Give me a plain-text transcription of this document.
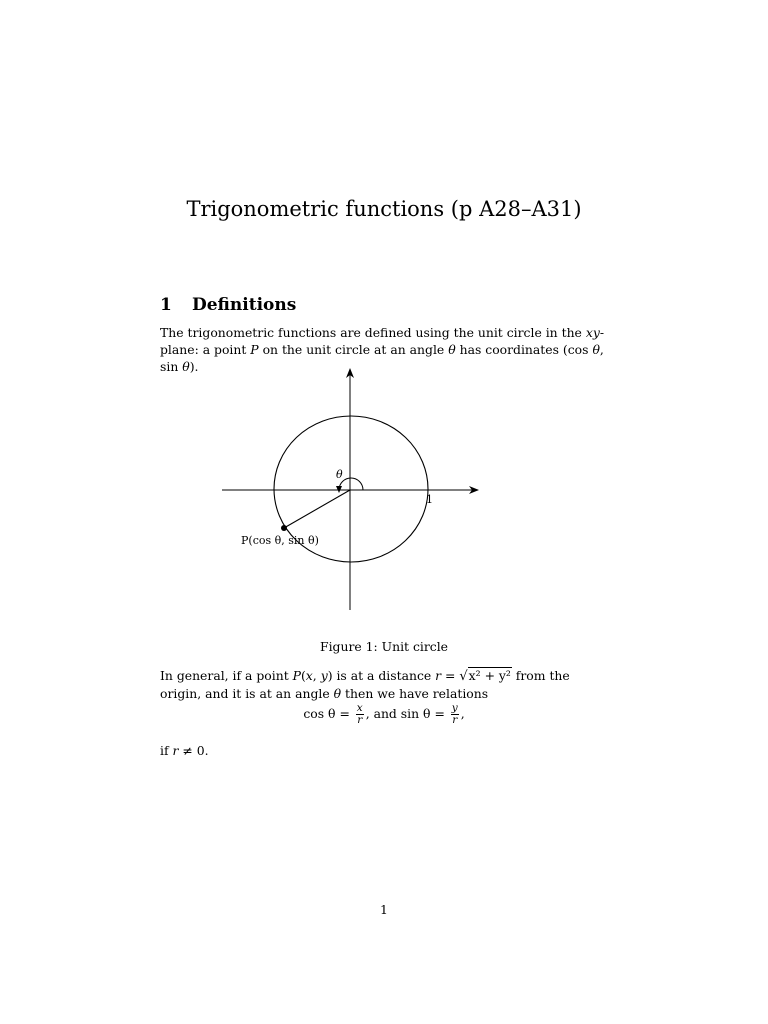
Trigonometric functions (p A28–A31)
1 Definitions
The trigonometric functions are defined using the unit circle in the xy-plane: a point P on the unit circle at an angle θ has coordinates (cos θ, sin θ).
θ
1
P(cos θ, sin θ)
Figure 1: Unit circle
In general, if a point P(x, y) is at a distance r = √x² + y² from the origin, and it is at an angle θ then we have relations
$\cos \theta = \frac{x}{r}$ , and $\sin \theta = \frac{y}{r}$ ,
if r ≠ 0.
1
